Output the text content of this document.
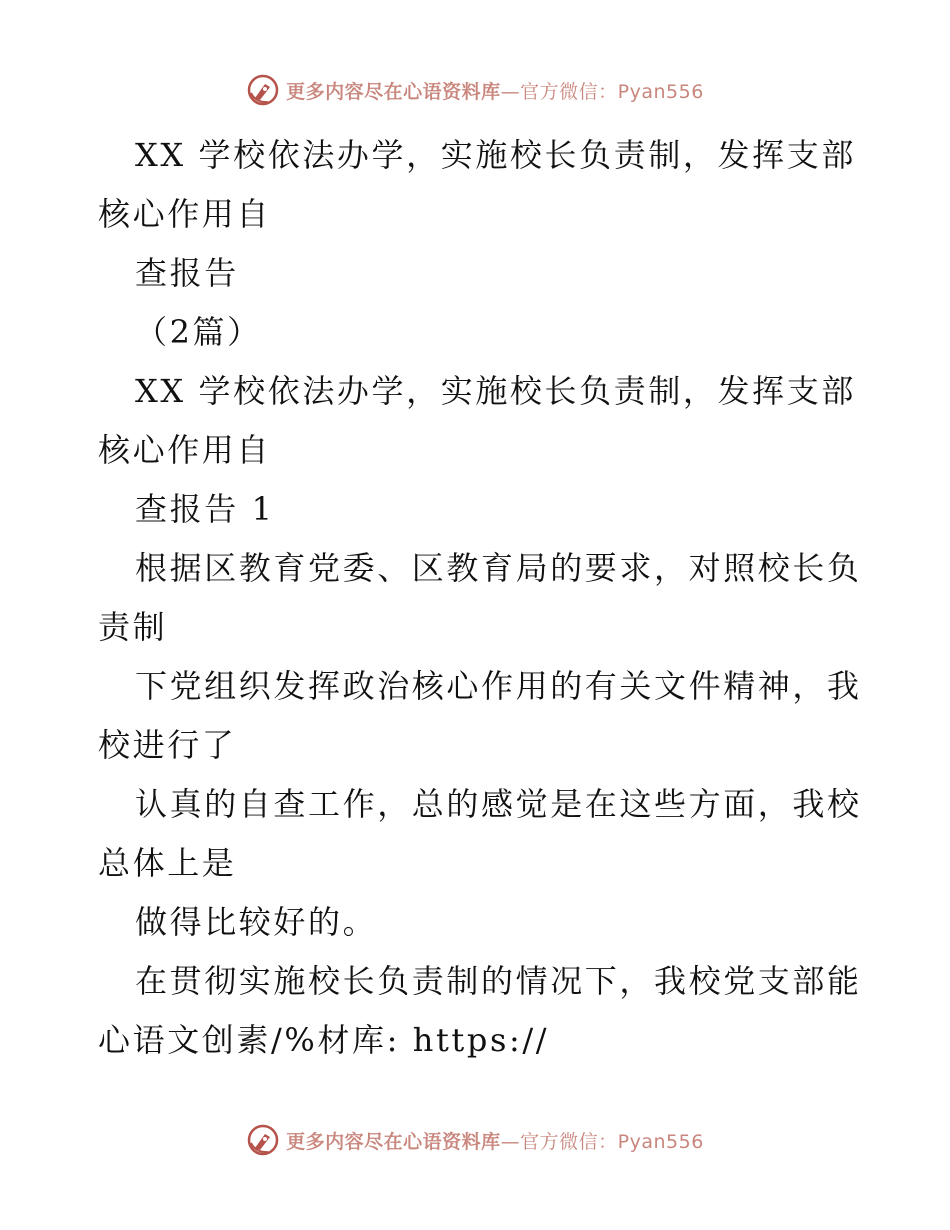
更多内容尽在心语资料库—官方微信：Pyan556
XX 学校依法办学，实施校长负责制，发挥支部
核心作用自
查报告
（2篇）
XX 学校依法办学，实施校长负责制，发挥支部
核心作用自
查报告 1
根据区教育党委、区教育局的要求，对照校长负
责制
下党组织发挥政治核心作用的有关文件精神，我
校进行了
认真的自查工作，总的感觉是在这些方面，我校
总体上是
做得比较好的。
在贯彻实施校长负责制的情况下，我校党支部能
心语文创素/%材库: https://
更多内容尽在心语资料库—官方微信：Pyan556
